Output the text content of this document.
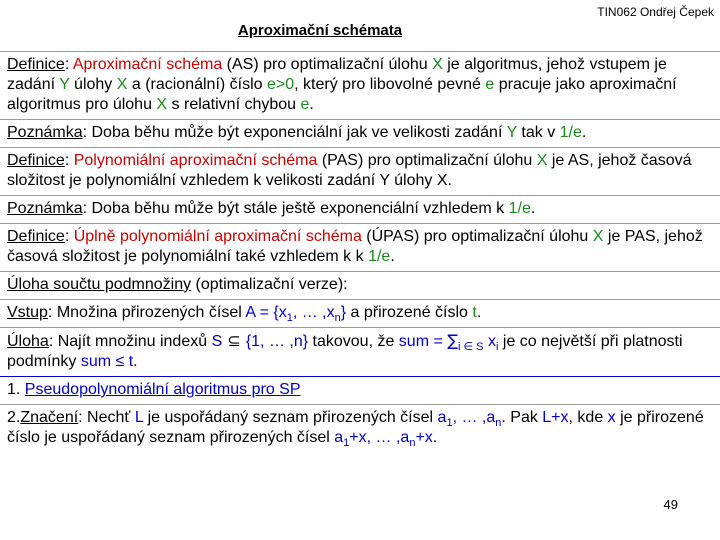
TIN062 Ondřej Čepek
Aproximační schémata

Definice: Aproximační schéma (AS) pro optimalizační úlohu X je algoritmus, jehož vstupem je zadání Y úlohy X a (racionální) číslo e>0, který pro libovolné pevné e pracuje jako aproximační algoritmus pro úlohu X s relativní chybou e.

Poznámka: Doba běhu může být exponenciální jak ve velikosti zadání Y tak v 1/e.

Definice: Polynomiální aproximační schéma (PAS) pro optimalizační úlohu X je AS, jehož časová složitost je polynomiální vzhledem k velikosti zadání Y úlohy X.

Poznámka: Doba běhu může být stále ještě exponenciální vzhledem k 1/e.

Definice: Úplně polynomiální aproximační schéma (ÚPAS) pro optimalizační úlohu X je PAS, jehož časová složitost je polynomiální také vzhledem k k 1/e.

Úloha součtu podmnožiny (optimalizační verze):

Vstup: Množina přirozených čísel $A = \{x_1$, … $,x_n$} a přirozené číslo t.

Úloha: Najít množinu indexů S ⊆ {1, … ,n} takovou, že sum = $\sum_{i \in S}$ $x_i$ je co největší při platnosti podmínky sum ≤ t.

1. Pseudopolynomiální algoritmus pro SP

2.Značení: Nechť L je uspořádaný seznam přirozených čísel $a_1$, … $,a_n$. Pak L+x, kde x je přirozené číslo je uspořádaný seznam přirozených čísel $a_1+x$, … $,a_n+x$.

49
